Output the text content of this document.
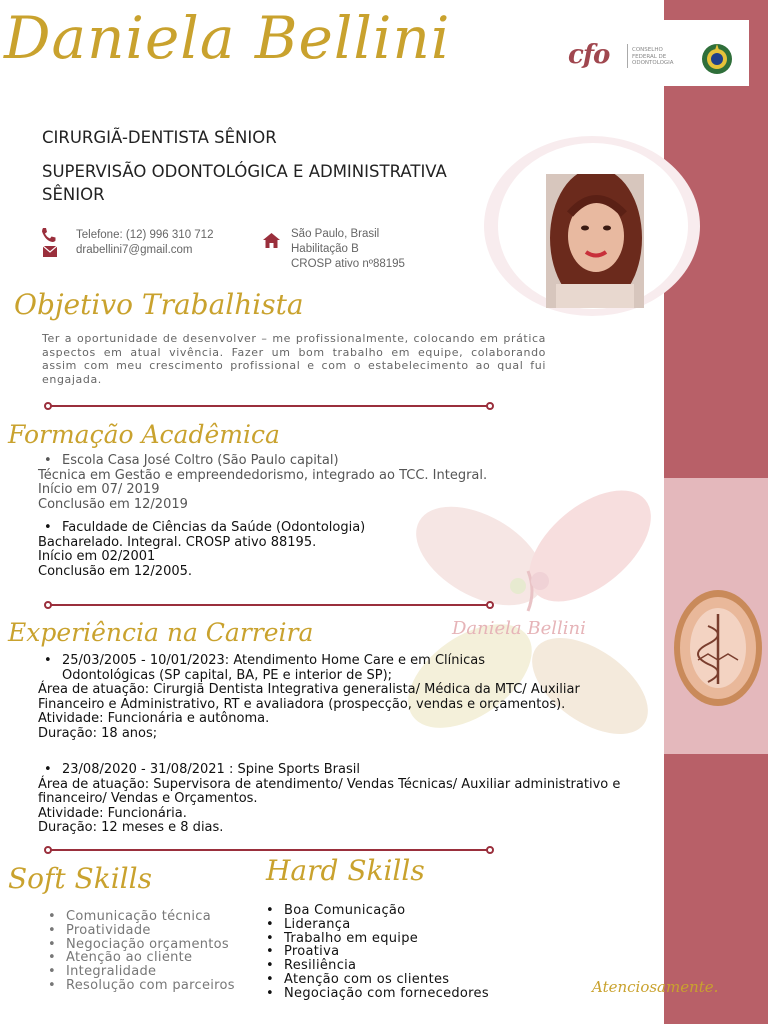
Daniela Bellini
cfo	CONSELHO
FEDERAL DE
ODONTOLOGIA
Daniela Bellini
CIRURGIÃ-DENTISTA SÊNIOR
SUPERVISÃO ODONTOLÓGICA E ADMINISTRATIVA SÊNIOR
Telefone: (12) 996 310 712
drabellini7@gmail.com
São Paulo, Brasil
Habilitação B
CROSP ativo nº88195
Objetivo Trabalhista
Ter a oportunidade de desenvolver – me profissionalmente, colocando em prática aspectos em atual vivência. Fazer um bom trabalho em equipe, colaborando assim com meu crescimento profissional e com o estabelecimento ao qual fui engajada.
Formação Acadêmica
• Escola Casa José Coltro (São Paulo capital)
Técnica em Gestão e empreendedorismo, integrado ao TCC. Integral.
Início em 07/ 2019
Conclusão em 12/2019
• Faculdade de Ciências da Saúde (Odontologia)
Bacharelado. Integral. CROSP ativo 88195.
Início em 02/2001
Conclusão em 12/2005.
Experiência na Carreira
• 25/03/2005 - 10/01/2023: Atendimento Home Care e em Clínicas
Odontológicas (SP capital, BA, PE e interior de SP);
Área de atuação: Cirurgiã Dentista Integrativa generalista/ Médica da MTC/ Auxiliar Financeiro e Administrativo, RT e avaliadora (prospecção, vendas e orçamentos).
Atividade: Funcionária e autônoma.
Duração: 18 anos;
• 23/08/2020 - 31/08/2021 : Spine Sports Brasil
Área de atuação: Supervisora de atendimento/ Vendas Técnicas/ Auxiliar administrativo e financeiro/ Vendas e Orçamentos.
Atividade: Funcionária.
Duração: 12 meses e 8 dias.
Soft Skills	Hard Skills
• Comunicação técnica
• Proatividade
• Negociação orçamentos
• Atenção ao cliente
• Integralidade
• Resolução com parceiros
• Boa Comunicação
• Liderança
• Trabalho em equipe
• Proativa
• Resiliência
• Atenção com os clientes
• Negociação com fornecedores	Atenciosamente.
